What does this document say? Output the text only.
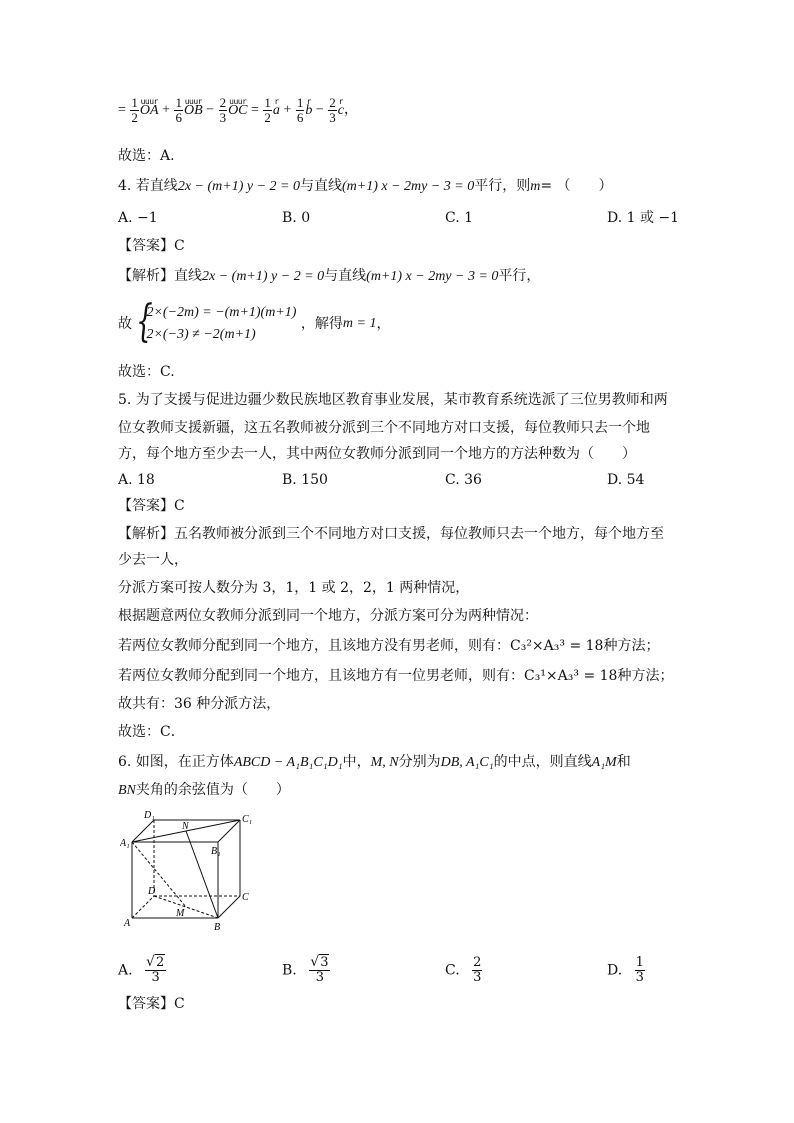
= $\frac{1}{2}$ uuur OA + $\frac{1}{6}$ uuur OB − $\frac{2}{3}$ uuur OC = $\frac{1}{2}$ r $a + \frac{1}{6}$ r $b - \frac{2}{3}$ r c，
故选：A.
4. 若直线2x − (m+1) y − 2 = 0与直线(m+1) x − 2my − 3 = 0平行，则m= （　　）
A. −1	B. 0	C. 1	D. 1 或 −1
【答案】C
【解析】直线2x − (m+1) y − 2 = 0与直线(m+1) x − 2my − 3 = 0平行，
故 {
2×(−2m) = −(m+1)(m+1)
2×(−3) ≠ −2(m+1)
，解得m = 1，
故选：C.
5. 为了支援与促进边疆少数民族地区教育事业发展，某市教育系统选派了三位男教师和两
位女教师支援新疆，这五名教师被分派到三个不同地方对口支援，每位教师只去一个地
方，每个地方至少去一人，其中两位女教师分派到同一个地方的方法种数为（　　）
A. 18	B. 150	C. 36	D. 54
【答案】C
【解析】五名教师被分派到三个不同地方对口支援，每位教师只去一个地方，每个地方至
少去一人，
分派方案可按人数分为 3，1，1 或 2，2，1 两种情况，
根据题意两位女教师分派到同一个地方，分派方案可分为两种情况：
若两位女教师分配到同一个地方，且该地方没有男老师，则有：C₃²×A₃³ = 18种方法；
若两位女教师分配到同一个地方，且该地方有一位男老师，则有：C₃¹×A₃³ = 18种方法；
故共有：36 种分派方法，
故选：C．
6. 如图，在正方体ABCD − A₁B₁C₁D₁中，M, N分别为DB, A₁C₁的中点，则直线A₁M和
BN夹角的余弦值为（　　）
D₁
N
C₁
A₁
B₁
D
C
A
M
B
A. $\frac{√ 2}{3}$	B. $\frac{√ 3}{3}$	C. $\frac{2}{3}$	D. $\frac{1}{3}$
【答案】C
